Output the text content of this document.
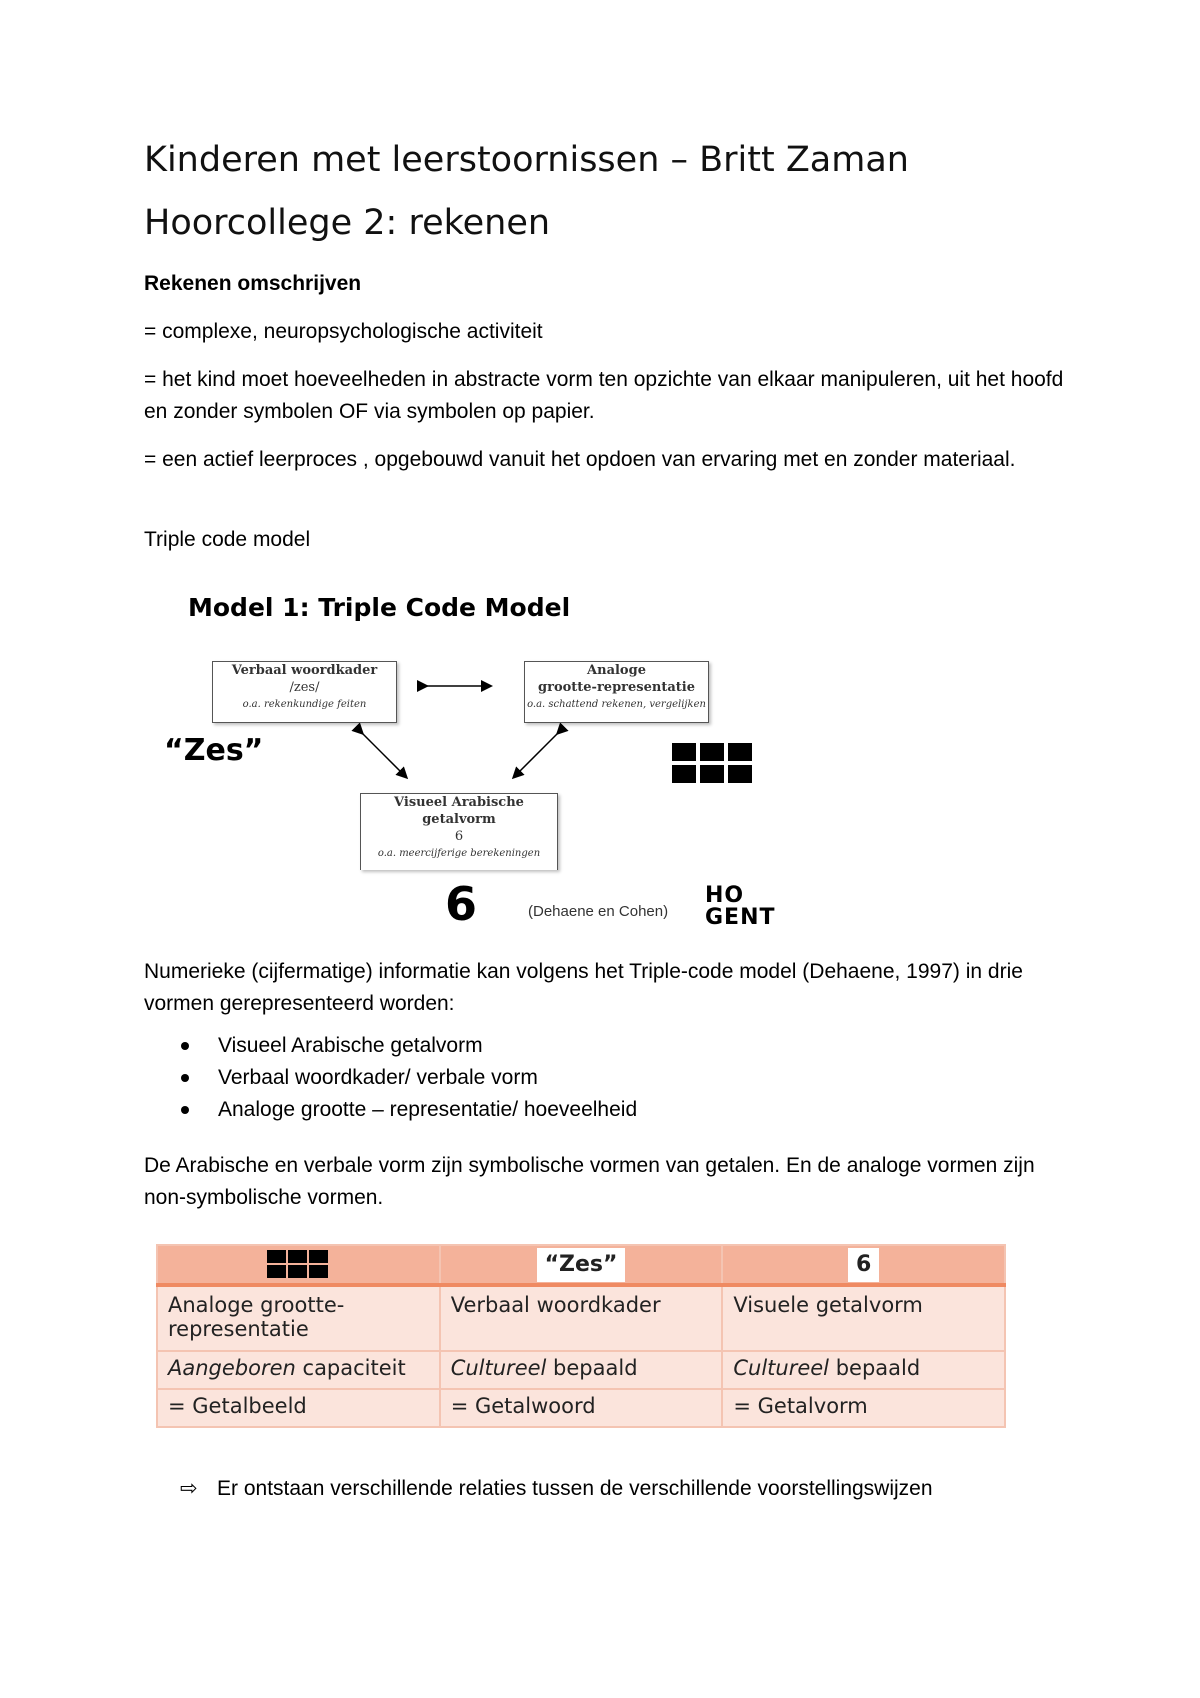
Kinderen met leerstoornissen – Britt Zaman
Hoorcollege 2: rekenen

Rekenen omschrijven

= complexe, neuropsychologische activiteit

= het kind moet hoeveelheden in abstracte vorm ten opzichte van elkaar manipuleren, uit het hoofd en zonder symbolen OF via symbolen op papier.

= een actief leerproces , opgebouwd vanuit het opdoen van ervaring met en zonder materiaal.

Triple code model

Model 1: Triple Code Model
Verbaal woordkader
/zes/
o.a. rekenkundige feiten
Analoge
grootte-representatie
o.a. schattend rekenen, vergelijken
Visueel Arabische
getalvorm
6
o.a. meercijferige berekeningen
“Zes”
6	(Dehaene en Cohen)
HO
GENT

Numerieke (cijfermatige) informatie kan volgens het Triple-code model (Dehaene, 1997) in drie vormen gerepresenteerd worden:

Visueel Arabische getalvorm
Verbaal woordkader/ verbale vorm
Analoge grootte – representatie/ hoeveelheid

De Arabische en verbale vorm zijn symbolische vormen van getalen. En de analoge vormen zijn non-symbolische vormen.

	“Zes”	6
Analoge grootte-representatie	Verbaal woordkader	Visuele getalvorm
Aangeboren capaciteit	Cultureel bepaald	Cultureel bepaald
= Getalbeeld	= Getalwoord	= Getalvorm

⇨ Er ontstaan verschillende relaties tussen de verschillende voorstellingswijzen
